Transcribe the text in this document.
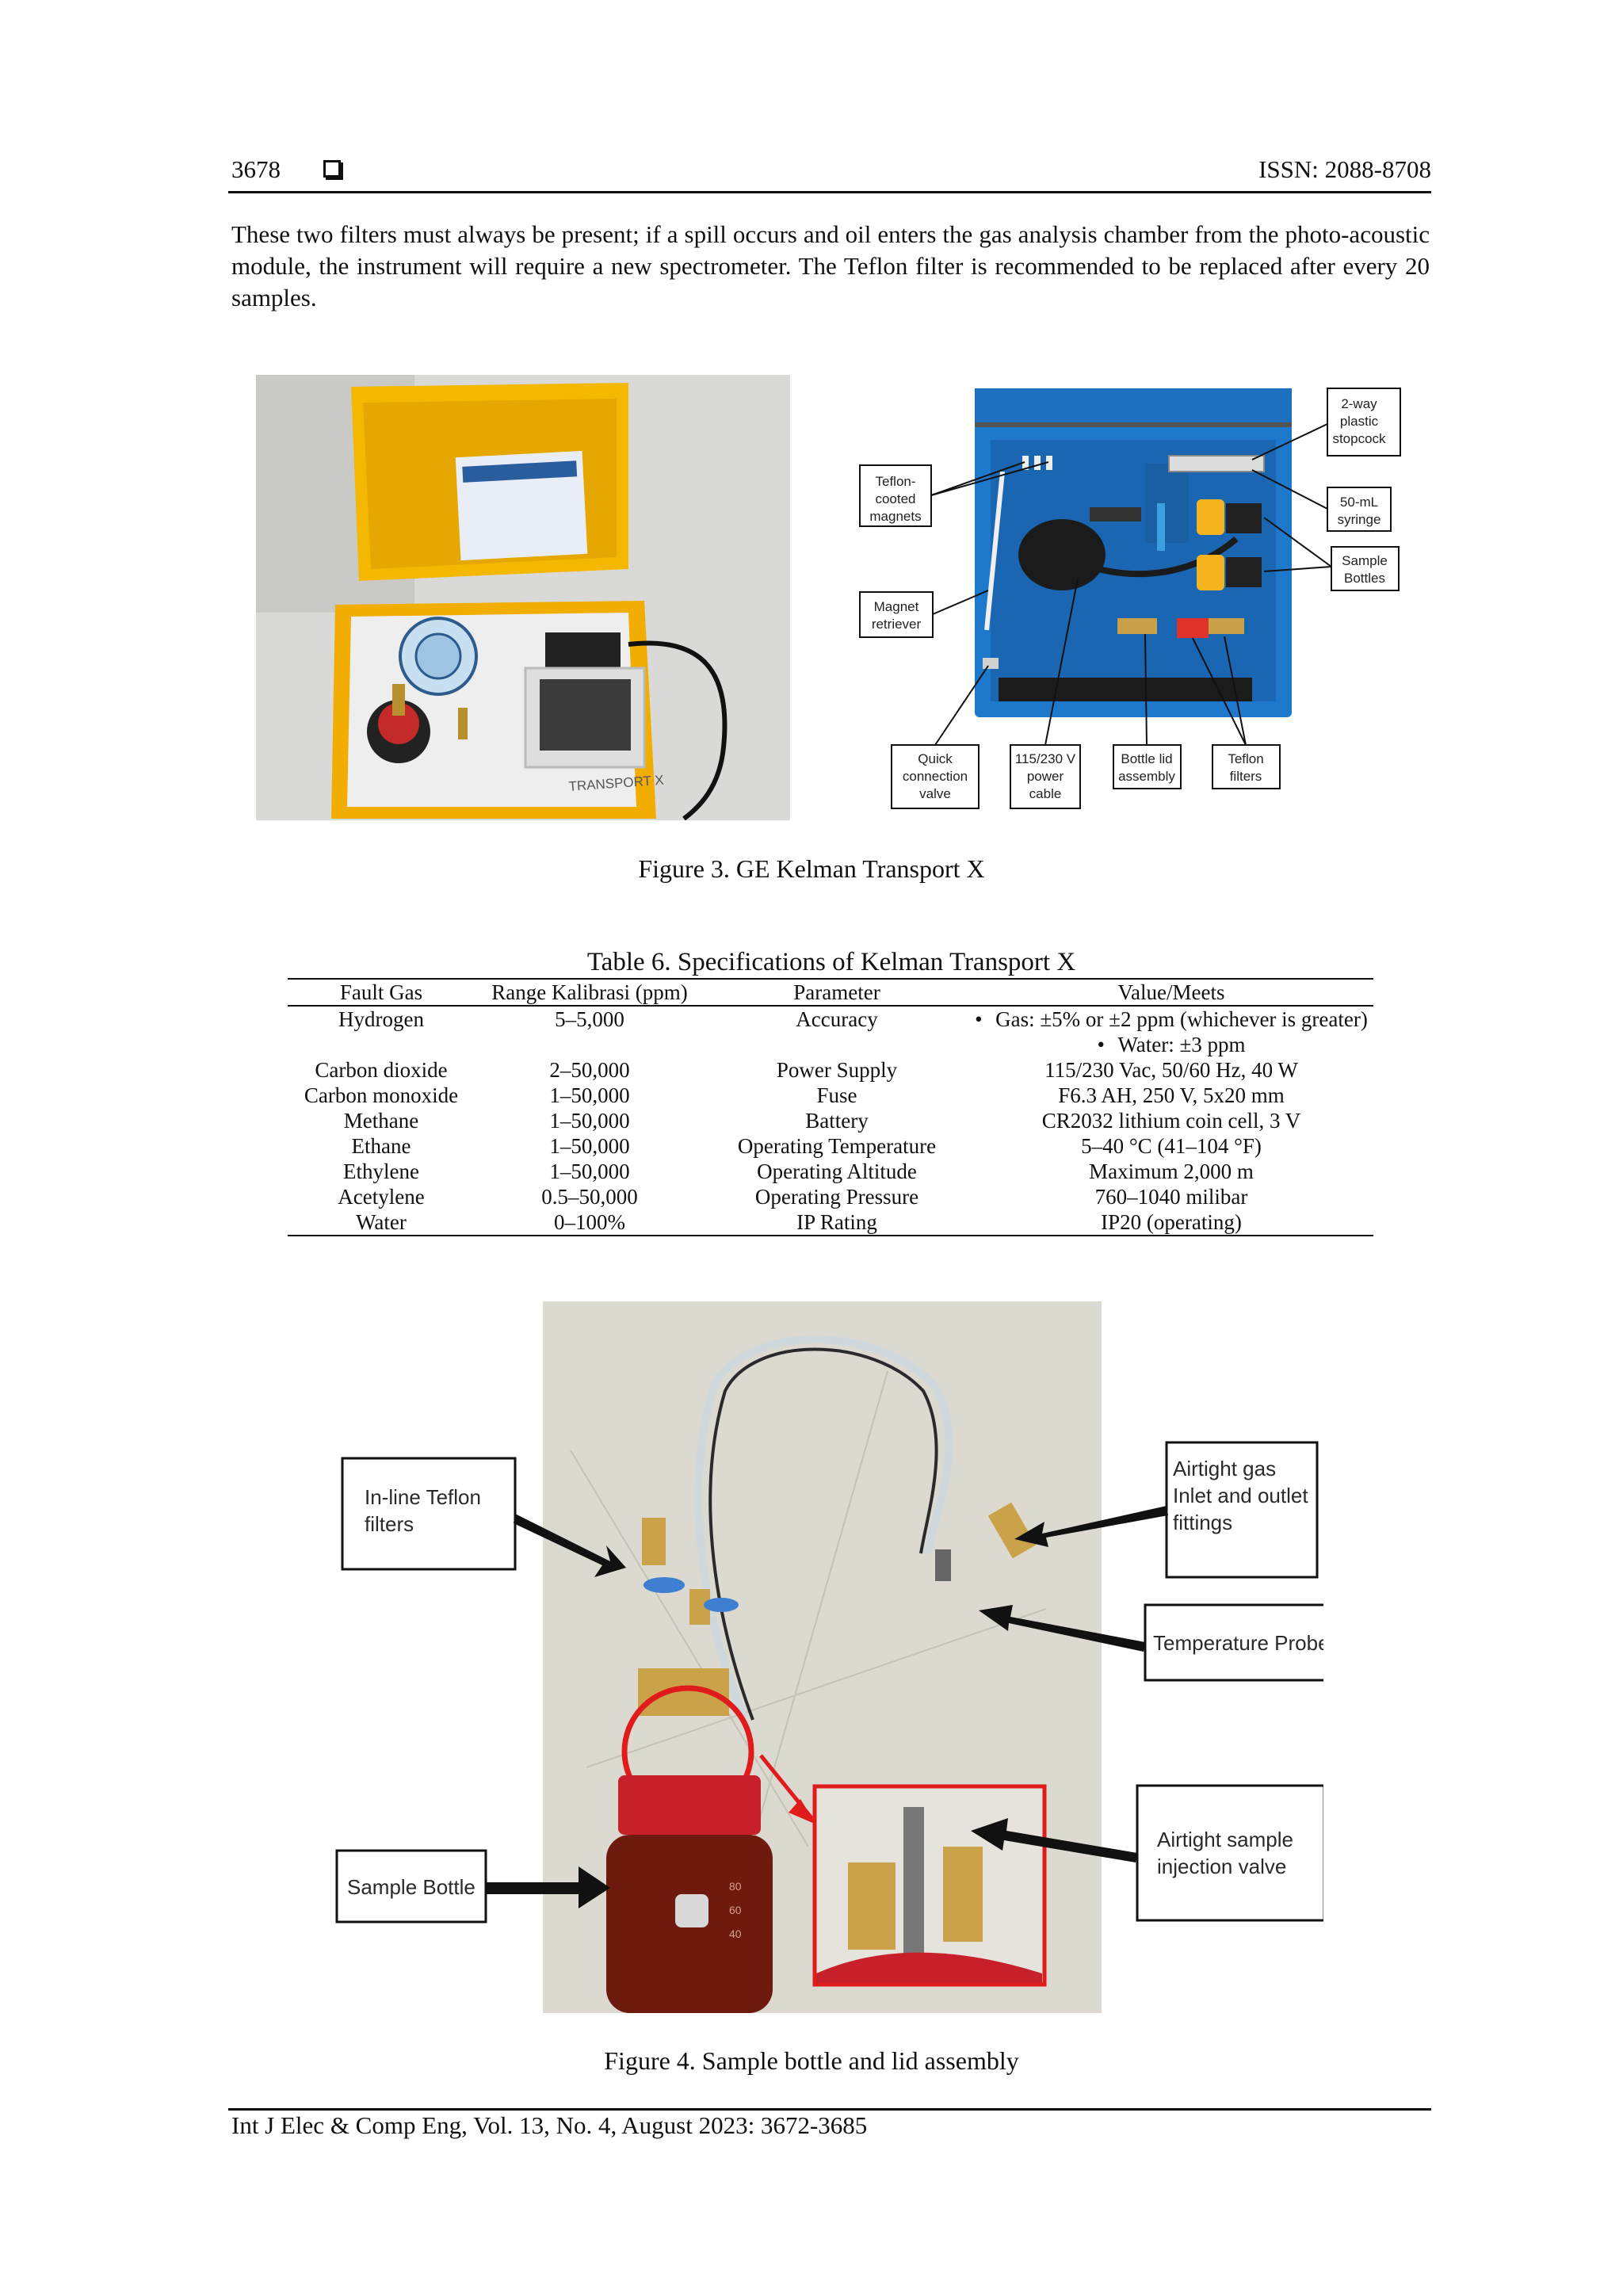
3678	ISSN: 2088-8708
These two filters must always be present; if a spill occurs and oil enters the gas analysis chamber from the photo-acoustic module, the instrument will require a new spectrometer. The Teflon filter is recommended to be replaced after every 20 samples.
TRANSPORT X
2-way
plastic
stopcock
Teflon-
cooted
magnets
50-mL
syringe
Sample
Bottles
Magnet
retriever
Quick
connection
valve
115/230 V
power
cable
Bottle lid
assembly
Teflon
filters
Figure 3. GE Kelman Transport X
Table 6. Specifications of Kelman Transport X
Fault Gas	Range Kalibrasi (ppm)	Parameter	Value/Meets
Hydrogen	5–5,000	Accuracy	• Gas: ±5% or ±2 ppm (whichever is greater)
			• Water: ±3 ppm
Carbon dioxide	2–50,000	Power Supply	115/230 Vac, 50/60 Hz, 40 W
Carbon monoxide	1–50,000	Fuse	F6.3 AH, 250 V, 5x20 mm
Methane	1–50,000	Battery	CR2032 lithium coin cell, 3 V
Ethane	1–50,000	Operating Temperature	5–40 °C (41–104 °F)
Ethylene	1–50,000	Operating Altitude	Maximum 2,000 m
Acetylene	0.5–50,000	Operating Pressure	760–1040 milibar
Water	0–100%	IP Rating	IP20 (operating)
80
60
40
In-line Teflon
filters
Airtight gas
Inlet and outlet
fittings
Temperature Probe
Airtight sample
injection valve
Sample Bottle
Figure 4. Sample bottle and lid assembly
Int J Elec & Comp Eng, Vol. 13, No. 4, August 2023: 3672-3685
